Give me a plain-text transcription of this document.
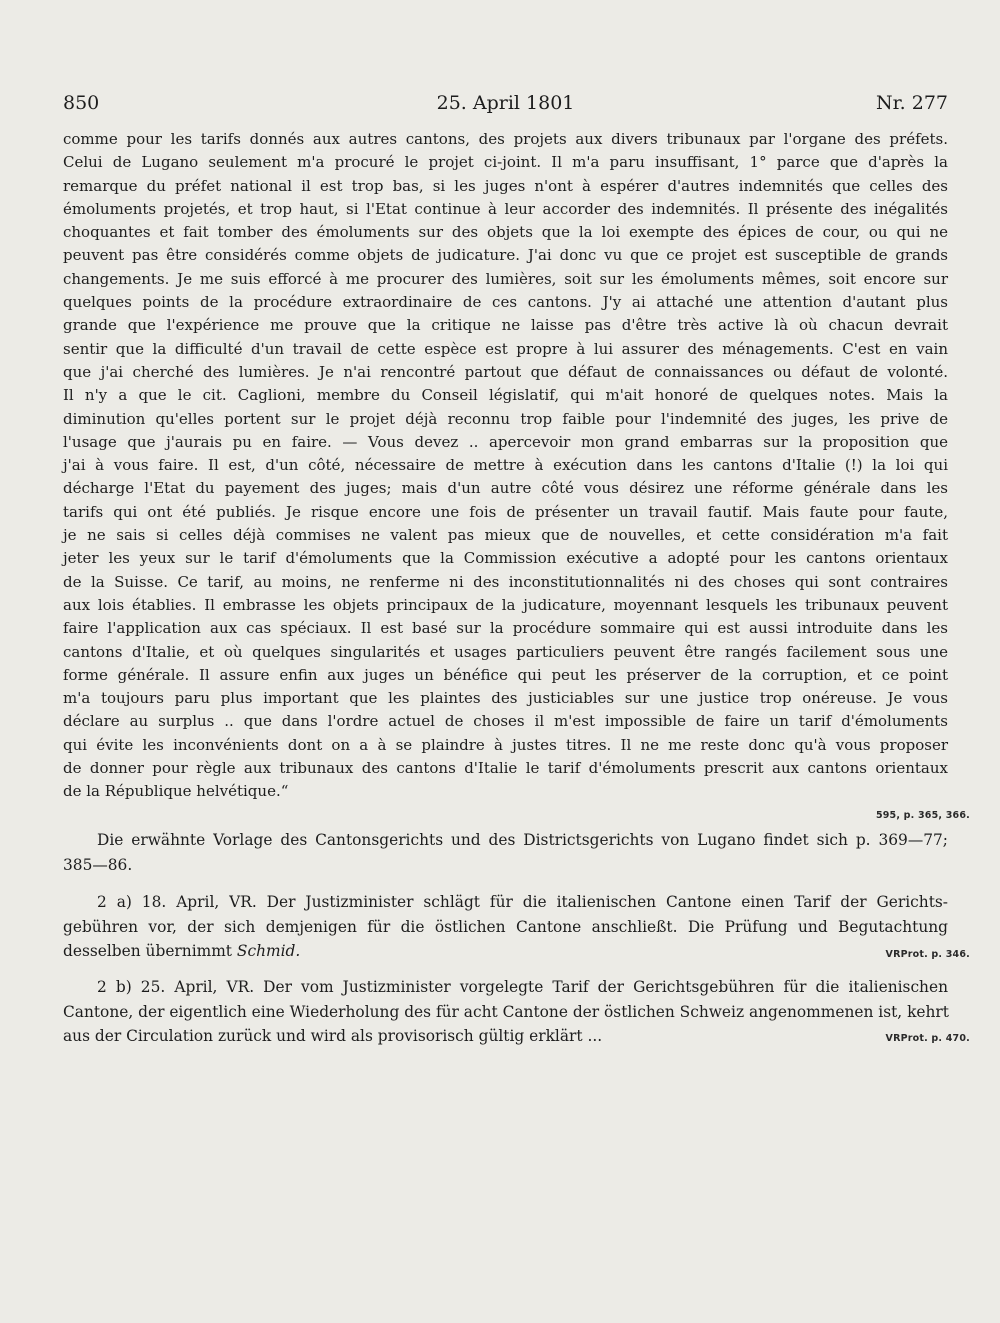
850	25. April 1801	Nr. 277
comme pour les tarifs donnés aux autres cantons, des projets aux divers tribunaux par l'organe des préfets.
Celui de Lugano seulement m'a procuré le projet ci-joint. Il m'a paru insuffisant, 1° parce que d'après la
remarque du préfet national il est trop bas, si les juges n'ont à espérer d'autres indemnités que celles des
émoluments projetés, et trop haut, si l'Etat continue à leur accorder des indemnités. Il présente des inégalités
choquantes et fait tomber des émoluments sur des objets que la loi exempte des épices de cour, ou qui ne
peuvent pas être considérés comme objets de judicature. J'ai donc vu que ce projet est susceptible de grands
changements. Je me suis efforcé à me procurer des lumières, soit sur les émoluments mêmes, soit encore sur
quelques points de la procédure extraordinaire de ces cantons. J'y ai attaché une attention d'autant plus
grande que l'expérience me prouve que la critique ne laisse pas d'être très active là où chacun devrait
sentir que la difficulté d'un travail de cette espèce est propre à lui assurer des ménagements. C'est en vain
que j'ai cherché des lumières. Je n'ai rencontré partout que défaut de connaissances ou défaut de volonté.
Il n'y a que le cit. Caglioni, membre du Conseil législatif, qui m'ait honoré de quelques notes. Mais la
diminution qu'elles portent sur le projet déjà reconnu trop faible pour l'indemnité des juges, les prive de
l'usage que j'aurais pu en faire. — Vous devez .. apercevoir mon grand embarras sur la proposition que
j'ai à vous faire. Il est, d'un côté, nécessaire de mettre à exécution dans les cantons d'Italie (!) la loi qui
décharge l'Etat du payement des juges; mais d'un autre côté vous désirez une réforme générale dans les
tarifs qui ont été publiés. Je risque encore une fois de présenter un travail fautif. Mais faute pour faute,
je ne sais si celles déjà commises ne valent pas mieux que de nouvelles, et cette considération m'a fait
jeter les yeux sur le tarif d'émoluments que la Commission exécutive a adopté pour les cantons orientaux
de la Suisse. Ce tarif, au moins, ne renferme ni des inconstitutionnalités ni des choses qui sont contraires
aux lois établies. Il embrasse les objets principaux de la judicature, moyennant lesquels les tribunaux peuvent
faire l'application aux cas spéciaux. Il est basé sur la procédure sommaire qui est aussi introduite dans les
cantons d'Italie, et où quelques singularités et usages particuliers peuvent être rangés facilement sous une
forme générale. Il assure enfin aux juges un bénéfice qui peut les préserver de la corruption, et ce point
m'a toujours paru plus important que les plaintes des justiciables sur une justice trop onéreuse. Je vous
déclare au surplus .. que dans l'ordre actuel de choses il m'est impossible de faire un tarif d'émoluments
qui évite les inconvénients dont on a à se plaindre à justes titres. Il ne me reste donc qu'à vous proposer
de donner pour règle aux tribunaux des cantons d'Italie le tarif d'émoluments prescrit aux cantons orientaux
de la République helvétique.“
595, p. 365, 366.
Die erwähnte Vorlage des Cantonsgerichts und des Districtsgerichts von Lugano findet sich p. 369—77;
385—86.
2 a) 18. April, VR. Der Justizminister schlägt für die italienischen Cantone einen Tarif der Gerichts-
gebühren vor, der sich demjenigen für die östlichen Cantone anschließt. Die Prüfung und Begutachtung
desselben übernimmt Schmid.	VRProt. p. 346.
2 b) 25. April, VR. Der vom Justizminister vorgelegte Tarif der Gerichtsgebühren für die italienischen
Cantone, der eigentlich eine Wiederholung des für acht Cantone der östlichen Schweiz angenommenen ist, kehrt
aus der Circulation zurück und wird als provisorisch gültig erklärt ...	VRProt. p. 470.
